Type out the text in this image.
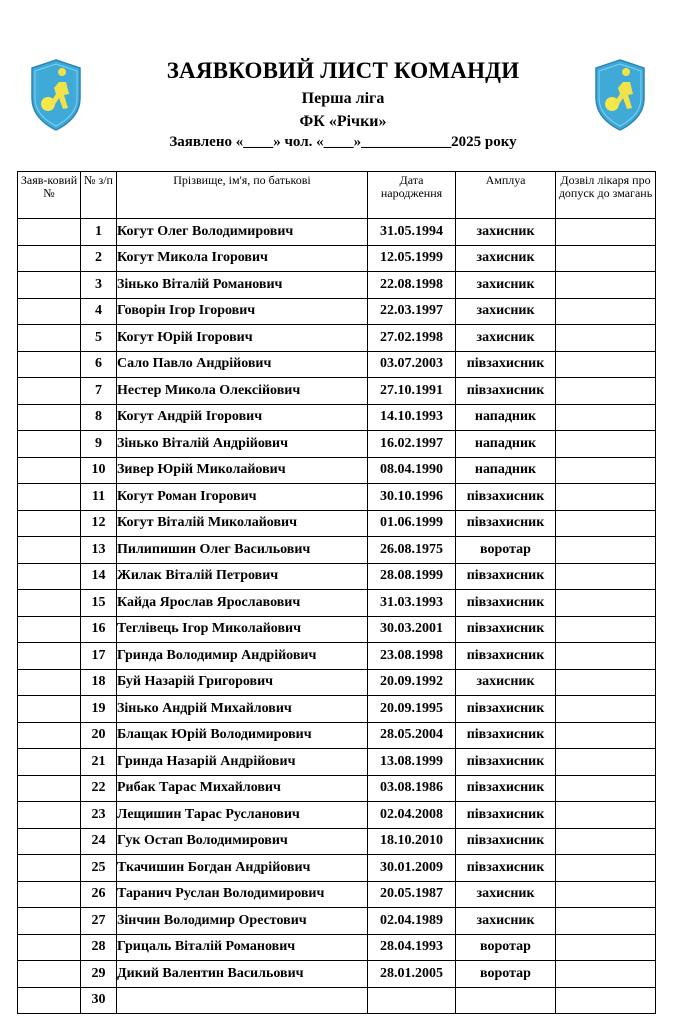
ЗАЯВКОВИЙ ЛИСТ КОМАНДИ
Перша ліга
ФК «Річки»
Заявлено «____» чол. «____»____________2025 року
Заяв-ковий №	№ з/п	Прізвище, ім'я, по батькові	Дата народження	Амплуа	Дозвіл лікаря про допуск до змагань
	1	Когут Олег Володимирович	31.05.1994	захисник	
	2	Когут Микола Ігорович	12.05.1999	захисник	
	3	Зінько Віталій Романович	22.08.1998	захисник	
	4	Говорін Ігор Ігорович	22.03.1997	захисник	
	5	Когут Юрій Ігорович	27.02.1998	захисник	
	6	Сало Павло Андрійович	03.07.2003	півзахисник	
	7	Нестер Микола Олексійович	27.10.1991	півзахисник	
	8	Когут Андрій Ігорович	14.10.1993	нападник	
	9	Зінько Віталій Андрійович	16.02.1997	нападник	
	10	Зивер Юрій Миколайович	08.04.1990	нападник	
	11	Когут Роман Ігорович	30.10.1996	півзахисник	
	12	Когут Віталій Миколайович	01.06.1999	півзахисник	
	13	Пилипишин Олег Васильович	26.08.1975	воротар	
	14	Жилак Віталій Петрович	28.08.1999	півзахисник	
	15	Кайда Ярослав Ярославович	31.03.1993	півзахисник	
	16	Теглівець Ігор Миколайович	30.03.2001	півзахисник	
	17	Гринда Володимир Андрійович	23.08.1998	півзахисник	
	18	Буй Назарій Григорович	20.09.1992	захисник	
	19	Зінько Андрій Михайлович	20.09.1995	півзахисник	
	20	Блащак Юрій Володимирович	28.05.2004	півзахисник	
	21	Гринда Назарій Андрійович	13.08.1999	півзахисник	
	22	Рибак Тарас Михайлович	03.08.1986	півзахисник	
	23	Лещишин Тарас Русланович	02.04.2008	півзахисник	
	24	Гук Остап Володимирович	18.10.2010	півзахисник	
	25	Ткачишин Богдан Андрійович	30.01.2009	півзахисник	
	26	Таранич Руслан Володимирович	20.05.1987	захисник	
	27	Зінчин Володимир Орестович	02.04.1989	захисник	
	28	Грицаль Віталій Романович	28.04.1993	воротар	
	29	Дикий Валентин Васильович	28.01.2005	воротар	
	30				
